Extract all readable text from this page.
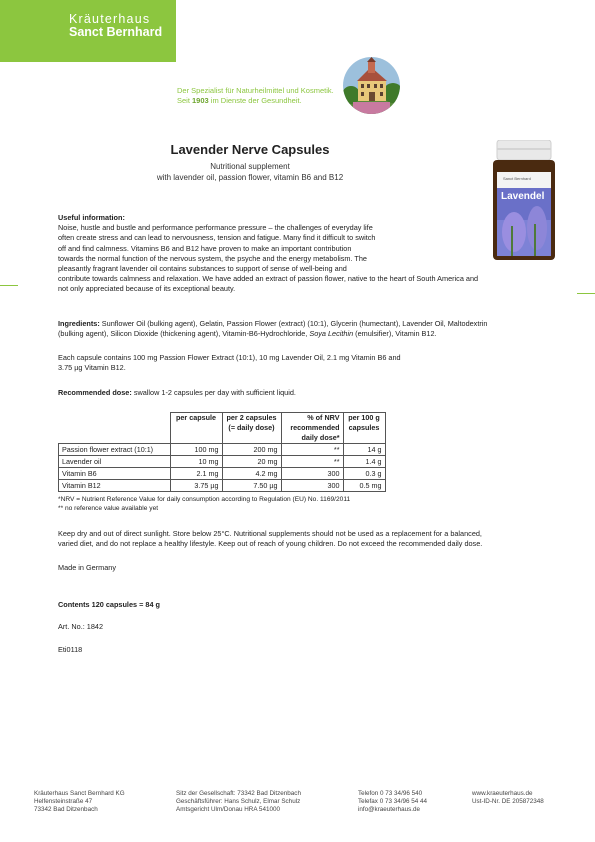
Kräuterhaus
Sanct Bernhard
Der Spezialist für Naturheilmittel und Kosmetik.
Seit 1903 im Dienste der Gesundheit.
Sanct Bernhard
Lavendel
Lavender Nerve Capsules
Nutritional supplement
with lavender oil, passion flower, vitamin B6 and B12
Useful information:
Noise, hustle and bustle and performance performance pressure – the challenges of everyday life
often create stress and can lead to nervousness, tension and fatigue. Many find it difficult to switch
off and find calmness. Vitamins B6 and B12 have proven to make an important contribution
towards the normal function of the nervous system, the psyche and the energy metabolism. The
pleasantly fragrant lavender oil contains substances to support of sense of well-being and
contribute towards calmness and relaxation. We have added an extract of passion flower, native to the heart of South America and
not only appreciated because of its exceptional beauty.
Ingredients: Sunflower Oil (bulking agent), Gelatin, Passion Flower (extract) (10:1), Glycerin (humectant), Lavender Oil, Maltodextrin
(bulking agent), Silicon Dioxide (thickening agent), Vitamin-B6-Hydrochloride, Soya Lecithin (emulsifier), Vitamin B12.
Each capsule contains 100 mg Passion Flower Extract (10:1), 10 mg Lavender Oil, 2.1 mg Vitamin B6 and
3.75 µg Vitamin B12.
Recommended dose: swallow 1-2 capsules per day with sufficient liquid.
	per capsule	per 2 capsules (= daily dose)	% of NRV recommended daily dose*	per 100 g capsules
Passion flower extract (10:1)	100 mg	200 mg	**	14 g
Lavender oil	10 mg	20 mg	**	1.4 g
Vitamin B6	2.1 mg	4.2 mg	300	0.3 g
Vitamin B12	3.75 µg	7.50 µg	300	0.5 mg
*NRV = Nutrient Reference Value for daily consumption according to Regulation (EU) No. 1169/2011
** no reference value available yet
Keep dry and out of direct sunlight. Store below 25°C. Nutritional supplements should not be used as a replacement for a balanced,
varied diet, and do not replace a healthy lifestyle. Keep out of reach of young children. Do not exceed the recommended daily dose.
Made in Germany
Contents 120 capsules = 84 g
Art. No.: 1842
Eti0118
Kräuterhaus Sanct Bernhard KG
Helfensteinstraße 47
73342 Bad Ditzenbach
Sitz der Gesellschaft: 73342 Bad Ditzenbach
Geschäftsführer: Hans Schulz, Elmar Schulz
Amtsgericht Ulm/Donau HRA 541000
Telefon 0 73 34/96 540
Telefax 0 73 34/96 54 44
info@kraeuterhaus.de
www.kraeuterhaus.de
Ust-ID-Nr. DE 205872348
